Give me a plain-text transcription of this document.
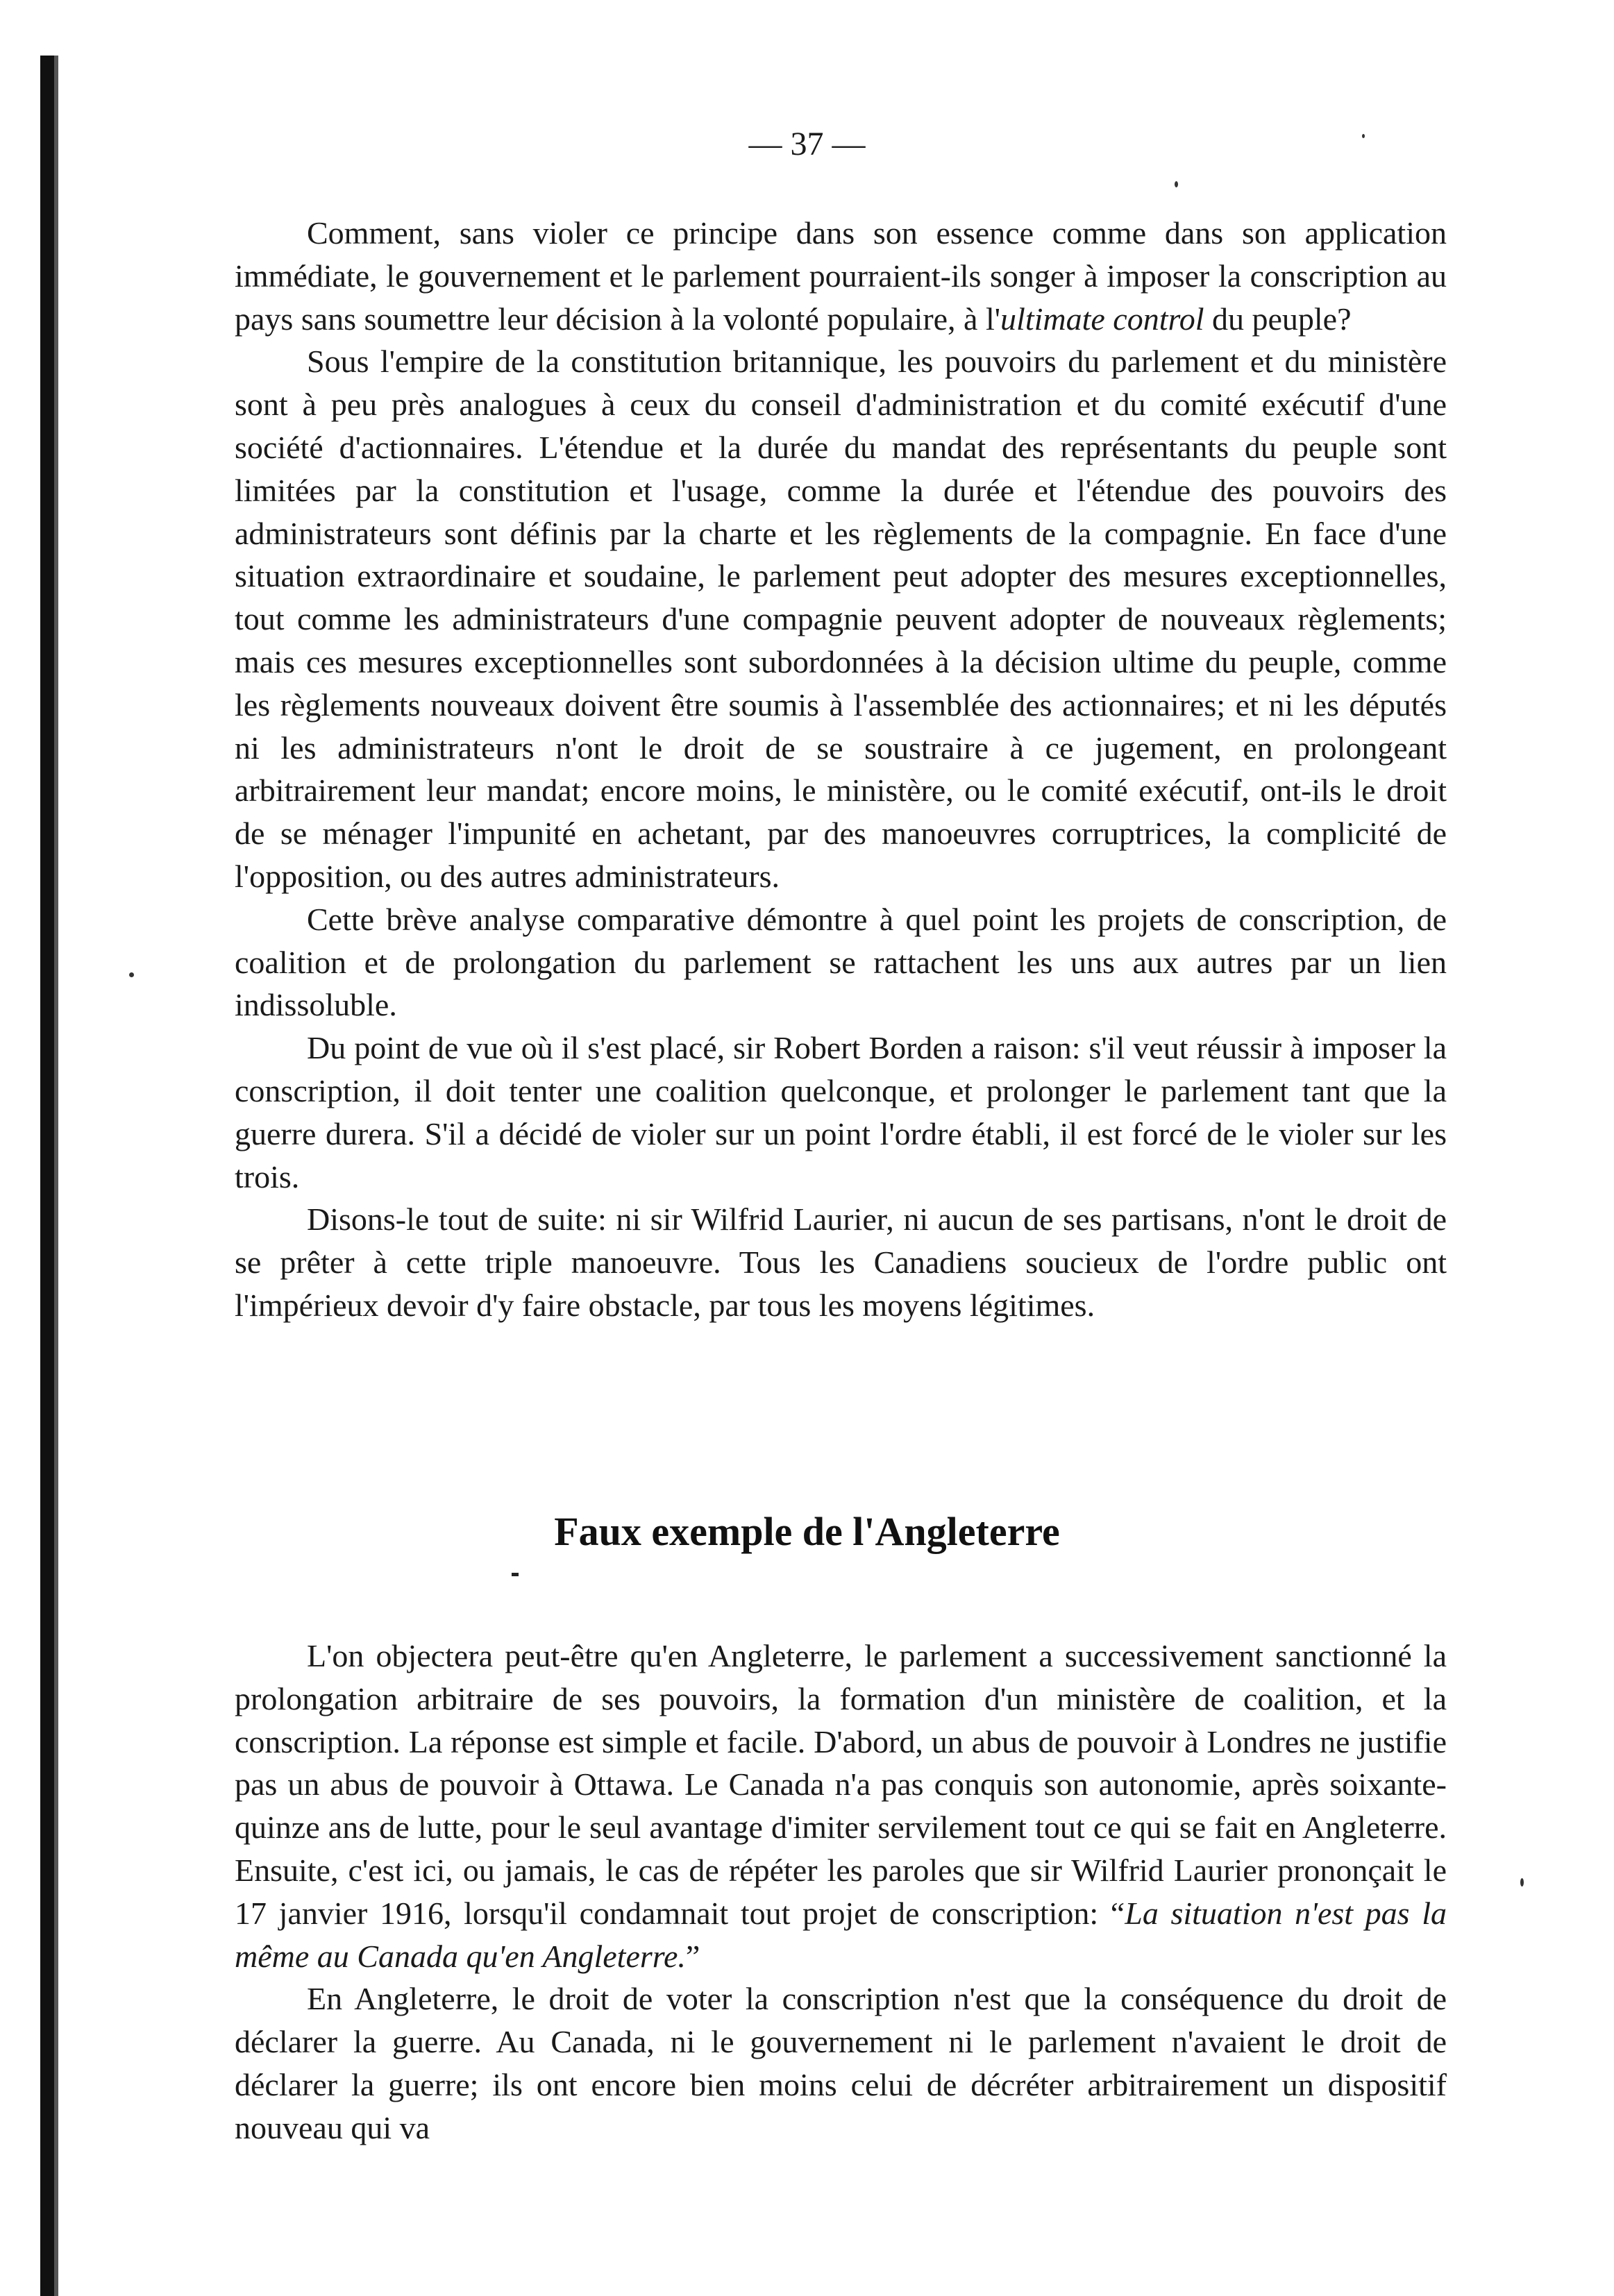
— 37 —

Comment, sans violer ce principe dans son essence comme dans son application immédiate, le gouvernement et le parlement pourraient-ils songer à imposer la conscription au pays sans soumettre leur décision à la volonté populaire, à l'ultimate control du peuple?

Sous l'empire de la constitution britannique, les pouvoirs du parlement et du ministère sont à peu près analogues à ceux du conseil d'administration et du comité exécutif d'une société d'actionnaires. L'étendue et la durée du mandat des représentants du peuple sont limitées par la constitution et l'usage, comme la durée et l'étendue des pouvoirs des administrateurs sont définis par la charte et les règlements de la compagnie. En face d'une situation extraordinaire et soudaine, le parlement peut adopter des mesures exceptionnelles, tout comme les administrateurs d'une compagnie peuvent adopter de nouveaux règlements; mais ces mesures exceptionnelles sont subordonnées à la décision ultime du peuple, comme les règlements nouveaux doivent être soumis à l'assemblée des actionnaires; et ni les députés ni les administrateurs n'ont le droit de se soustraire à ce jugement, en prolongeant arbitrairement leur mandat; encore moins, le ministère, ou le comité exécutif, ont-ils le droit de se ménager l'impunité en achetant, par des manoeuvres corruptrices, la complicité de l'opposition, ou des autres administrateurs.

Cette brève analyse comparative démontre à quel point les projets de conscription, de coalition et de prolongation du parlement se rattachent les uns aux autres par un lien indissoluble.

Du point de vue où il s'est placé, sir Robert Borden a raison: s'il veut réussir à imposer la conscription, il doit tenter une coalition quelconque, et prolonger le parlement tant que la guerre durera. S'il a décidé de violer sur un point l'ordre établi, il est forcé de le violer sur les trois.

Disons-le tout de suite: ni sir Wilfrid Laurier, ni aucun de ses partisans, n'ont le droit de se prêter à cette triple manoeuvre. Tous les Canadiens soucieux de l'ordre public ont l'impérieux devoir d'y faire obstacle, par tous les moyens légitimes.

Faux exemple de l'Angleterre

L'on objectera peut-être qu'en Angleterre, le parlement a successivement sanctionné la prolongation arbitraire de ses pouvoirs, la formation d'un ministère de coalition, et la conscription. La réponse est simple et facile. D'abord, un abus de pouvoir à Londres ne justifie pas un abus de pouvoir à Ottawa. Le Canada n'a pas conquis son autonomie, après soixante-quinze ans de lutte, pour le seul avantage d'imiter servilement tout ce qui se fait en Angleterre. Ensuite, c'est ici, ou jamais, le cas de répéter les paroles que sir Wilfrid Laurier prononçait le 17 janvier 1916, lorsqu'il condamnait tout projet de conscription: “La situation n'est pas la même au Canada qu'en Angleterre.”

En Angleterre, le droit de voter la conscription n'est que la conséquence du droit de déclarer la guerre. Au Canada, ni le gouvernement ni le parlement n'avaient le droit de déclarer la guerre; ils ont encore bien moins celui de décréter arbitrairement un dispositif nouveau qui va
